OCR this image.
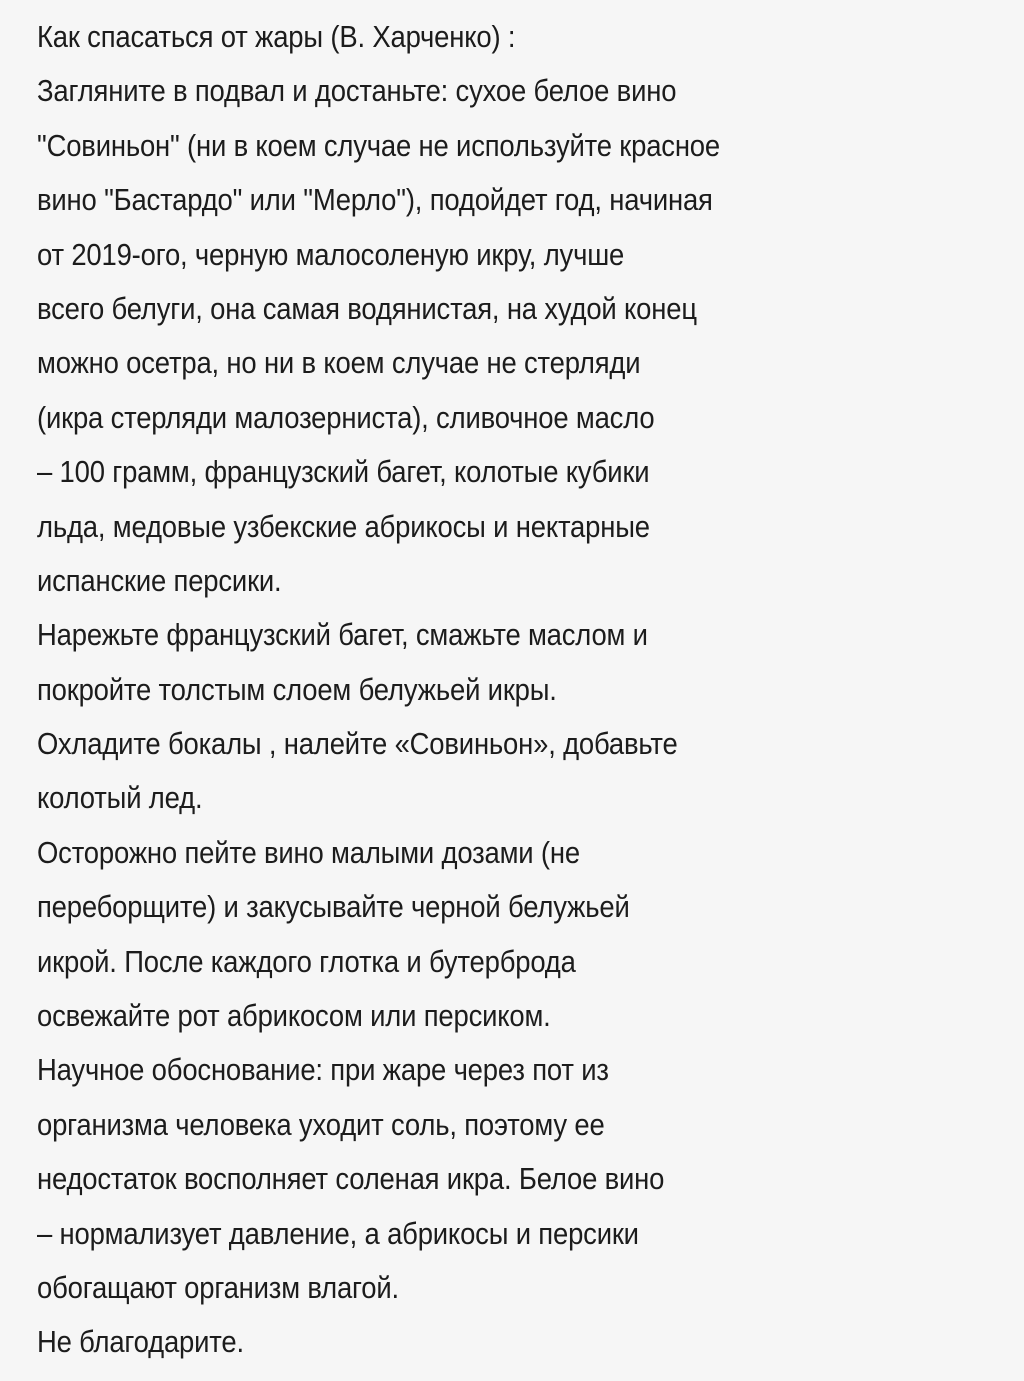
Как спасаться от жары (В. Харченко) :
Загляните в подвал и достаньте: сухое белое вино
"Совиньон" (ни в коем случае не используйте красное
вино "Бастардо" или "Мерло"), подойдет год, начиная
от 2019-ого, черную малосоленую икру, лучше
всего белуги, она самая водянистая, на худой конец
можно осетра, но ни в коем случае не стерляди
(икра стерляди малозерниста), сливочное масло
– 100 грамм, французский багет, колотые кубики
льда, медовые узбекские абрикосы и нектарные
испанские персики.
Нарежьте французский багет, смажьте маслом и
покройте толстым слоем белужьей икры.
Охладите бокалы , налейте «Совиньон», добавьте
колотый лед.
Осторожно пейте вино малыми дозами (не
переборщите) и закусывайте черной белужьей
икрой. После каждого глотка и бутерброда
освежайте рот абрикосом или персиком.
Научное обоснование: при жаре через пот из
организма человека уходит соль, поэтому ее
недостаток восполняет соленая икра. Белое вино
– нормализует давление, а абрикосы и персики
обогащают организм влагой.
Не благодарите.
